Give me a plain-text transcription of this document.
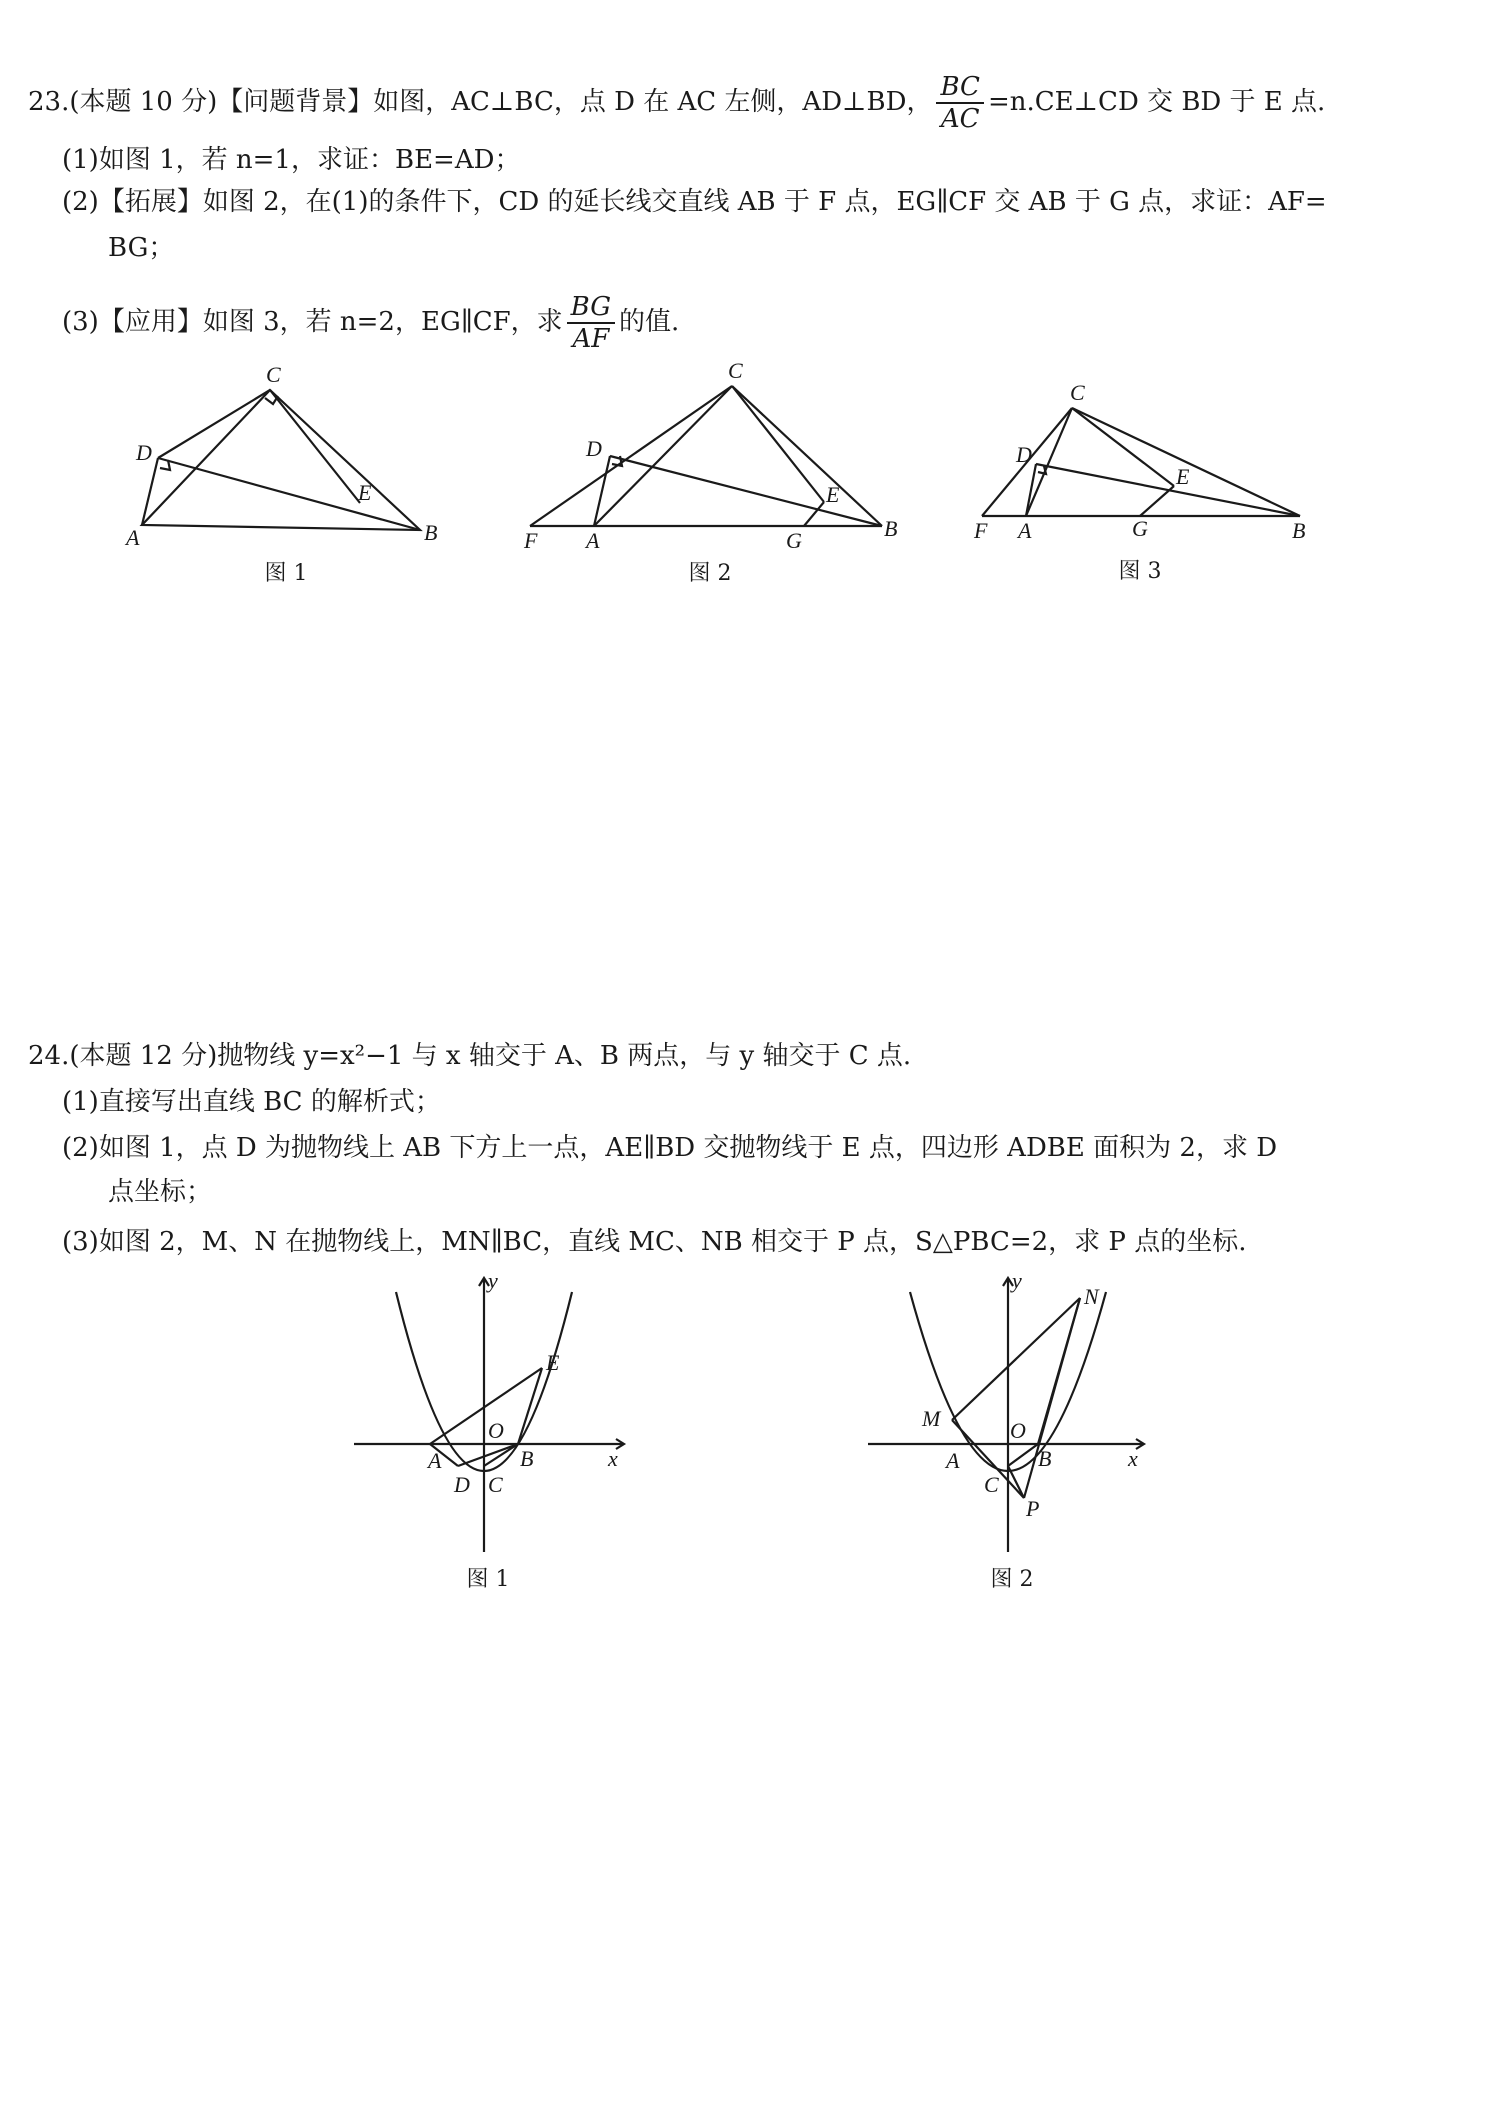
23.(本题 10 分)【问题背景】如图，AC⊥BC，点 D 在 AC 左侧，AD⊥BD， $\frac{BC}{AC}$ =n.CE⊥CD 交 BD 于 E 点.
(1)如图 1，若 n=1，求证：BE=AD；
(2)【拓展】如图 2，在(1)的条件下，CD 的延长线交直线 AB 于 F 点，EG∥CF 交 AB 于 G 点，求证：AF=
BG；
(3)【应用】如图 3，若 n=2，EG∥CF，求 $\frac{BG}{AF}$ 的值.
C
D
A
E
B
图 1
C
D
F A	G
E
B
图 2
C
D
F A	G
E
B
图 3
24.(本题 12 分)抛物线 y=x²−1 与 x 轴交于 A、B 两点，与 y 轴交于 C 点.
(1)直接写出直线 BC 的解析式；
(2)如图 1，点 D 为抛物线上 AB 下方上一点，AE∥BD 交抛物线于 E 点，四边形 ADBE 面积为 2，求 D
点坐标；
(3)如图 2，M、N 在抛物线上，MN∥BC，直线 MC、NB 相交于 P 点，S△PBC=2，求 P 点的坐标.
y
x
O
A	B
C
D
E
图 1
y
x
O
A	B
C
M
N
P
图 2
